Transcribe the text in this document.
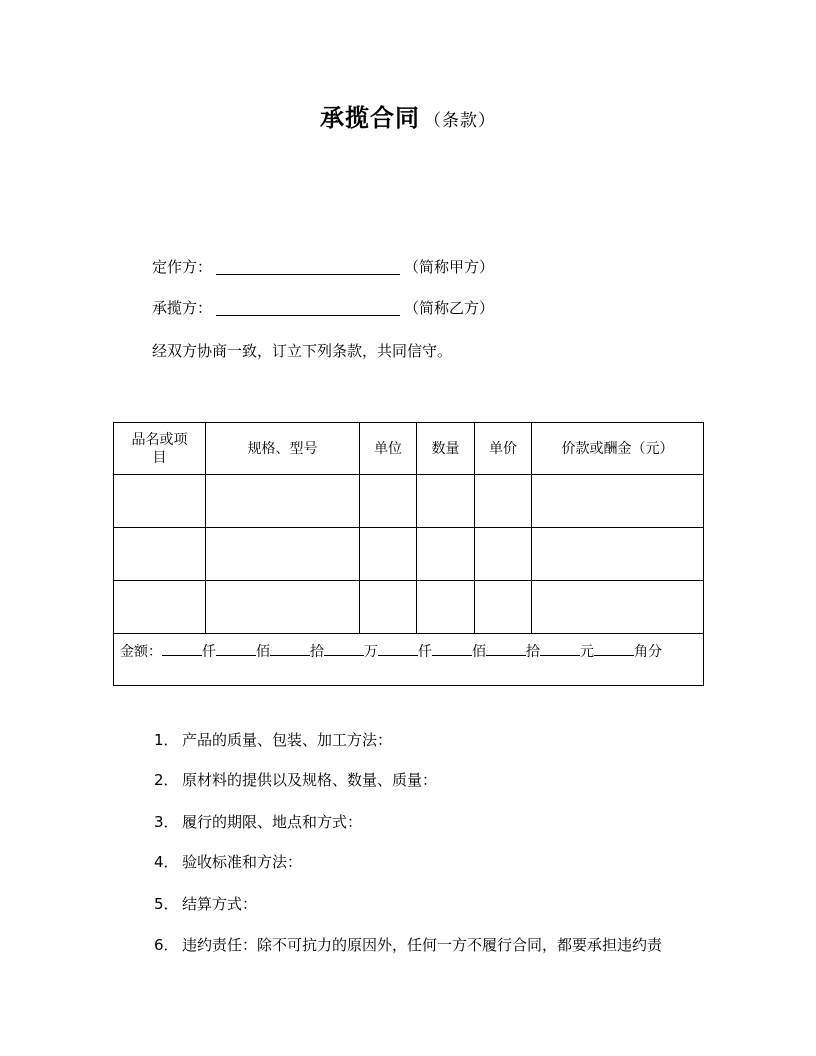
承揽合同 （条款）
定作方：	（简称甲方）
承揽方：	（简称乙方）
经双方协商一致，订立下列条款，共同信守。
品名或项目	规格、型号	单位	数量	单价	价款或酬金（元）

金额： 仟 佰 拾 万 仟 佰 拾 元 角分					
1． 产品的质量、包装、加工方法：
2． 原材料的提供以及规格、数量、质量：
3． 履行的期限、地点和方式：
4． 验收标准和方法：
5． 结算方式：
6． 违约责任：除不可抗力的原因外，任何一方不履行合同，都要承担违约责
